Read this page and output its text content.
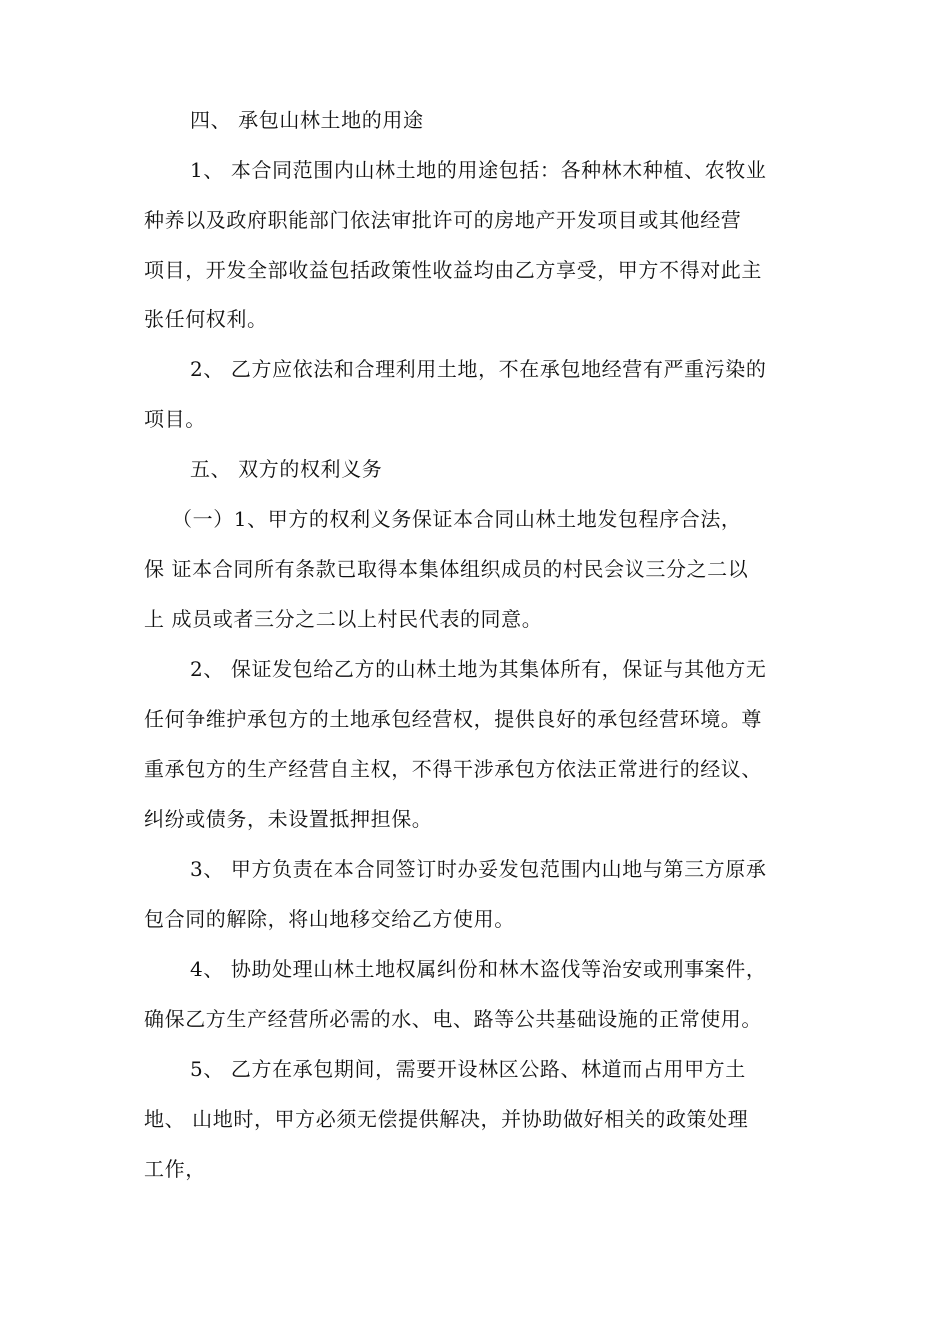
四、 承包山林土地的用途
1、 本合同范围内山林土地的用途包括：各种林木种植、农牧业
种养以及政府职能部门依法审批许可的房地产开发项目或其他经营
项目，开发全部收益包括政策性收益均由乙方享受，甲方不得对此主
张任何权利。
2、 乙方应依法和合理利用土地，不在承包地经营有严重污染的
项目。
五、 双方的权利义务
（一）1、甲方的权利义务保证本合同山林土地发包程序合法，
保 证本合同所有条款已取得本集体组织成员的村民会议三分之二以
上 成员或者三分之二以上村民代表的同意。
2、 保证发包给乙方的山林土地为其集体所有，保证与其他方无
任何争维护承包方的土地承包经营权，提供良好的承包经营环境。尊
重承包方的生产经营自主权，不得干涉承包方依法正常进行的经议、
纠纷或债务，未设置抵押担保。
3、 甲方负责在本合同签订时办妥发包范围内山地与第三方原承
包合同的解除，将山地移交给乙方使用。
4、 协助处理山林土地权属纠份和林木盗伐等治安或刑事案件，
确保乙方生产经营所必需的水、电、路等公共基础设施的正常使用。
5、 乙方在承包期间，需要开设林区公路、林道而占用甲方土
地、 山地时，甲方必须无偿提供解决，并协助做好相关的政策处理
工作，
